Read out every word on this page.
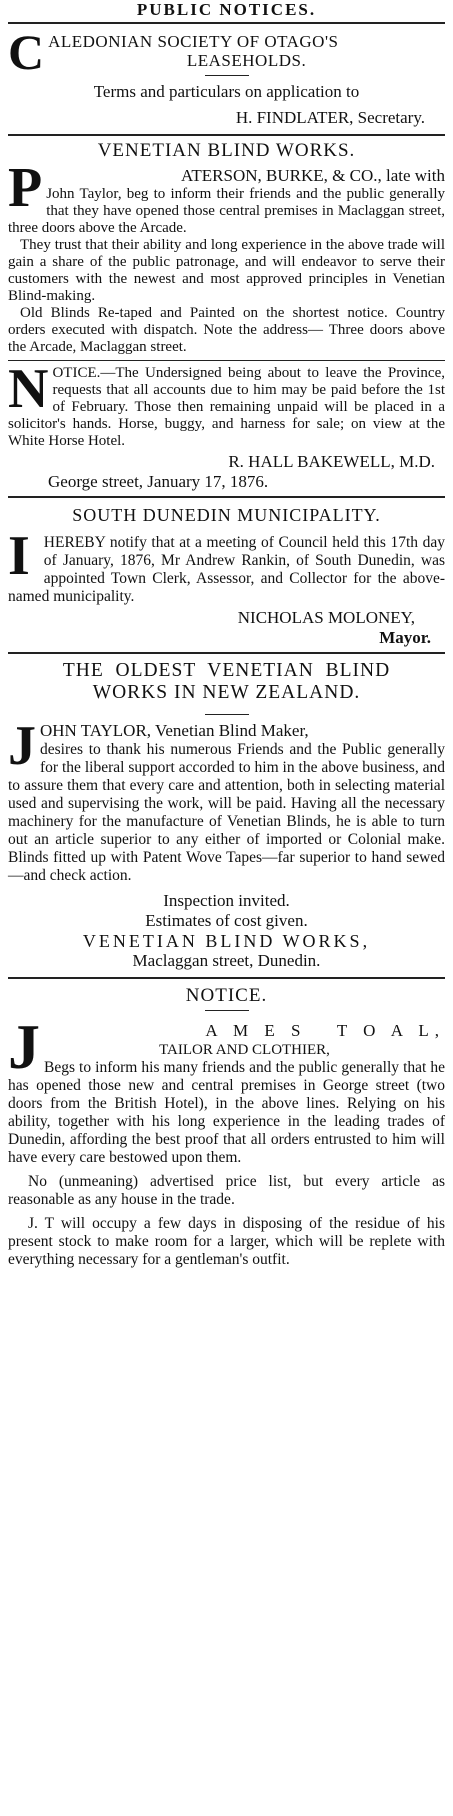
PUBLIC NOTICES.
C ALEDONIAN SOCIETY OF OTAGO'S
LEASEHOLDS.
Terms and particulars on application to
H. FINDLATER, Secretary.
VENETIAN BLIND WORKS.
P	ATERSON, BURKE, & CO., late with

John Taylor, beg to inform their friends and the public generally that they have opened those central premises in Maclaggan street, three doors above the Arcade.

They trust that their ability and long experience in the above trade will gain a share of the public patronage, and will endeavor to serve their customers with the newest and most approved principles in Venetian Blind-making.

Old Blinds Re-taped and Painted on the shortest notice. Country orders executed with dispatch. Note the address— Three doors above the Arcade, Maclaggan street.

N OTICE.—The Undersigned being about to leave the Province, requests that all accounts due to him may be paid before the 1st of February. Those then remaining unpaid will be placed in a solicitor's hands. Horse, buggy, and harness for sale; on view at the White Horse Hotel.

R. HALL BAKEWELL, M.D.
George street, January 17, 1876.
SOUTH DUNEDIN MUNICIPALITY.
I HEREBY notify that at a meeting of Council held this 17th day of January, 1876, Mr Andrew Rankin, of South Dunedin, was appointed Town Clerk, Assessor, and Collector for the above-named municipality.

NICHOLAS MOLONEY,
Mayor.
THE  OLDEST  VENETIAN  BLIND
WORKS IN NEW ZEALAND.
J OHN TAYLOR, Venetian Blind Maker,

desires to thank his numerous Friends and the Public generally for the liberal support accorded to him in the above business, and to assure them that every care and attention, both in selecting material used and supervising the work, will be paid. Having all the necessary machinery for the manufacture of Venetian Blinds, he is able to turn out an article superior to any either of imported or Colonial make. Blinds fitted up with Patent Wove Tapes—far superior to hand sewed—and check action.

Inspection invited.
Estimates of cost given.
VENETIAN BLIND WORKS,
Maclaggan street, Dunedin.
NOTICE.
J	A M E S   T O A L,
TAILOR AND CLOTHIER,

Begs to inform his many friends and the public generally that he has opened those new and central premises in George street (two doors from the British Hotel), in the above lines. Relying on his ability, together with his long experience in the leading trades of Dunedin, affording the best proof that all orders entrusted to him will have every care bestowed upon them.

No (unmeaning) advertised price list, but every article as reasonable as any house in the trade.

J. T will occupy a few days in disposing of the residue of his present stock to make room for a larger, which will be replete with everything necessary for a gentleman's outfit.
